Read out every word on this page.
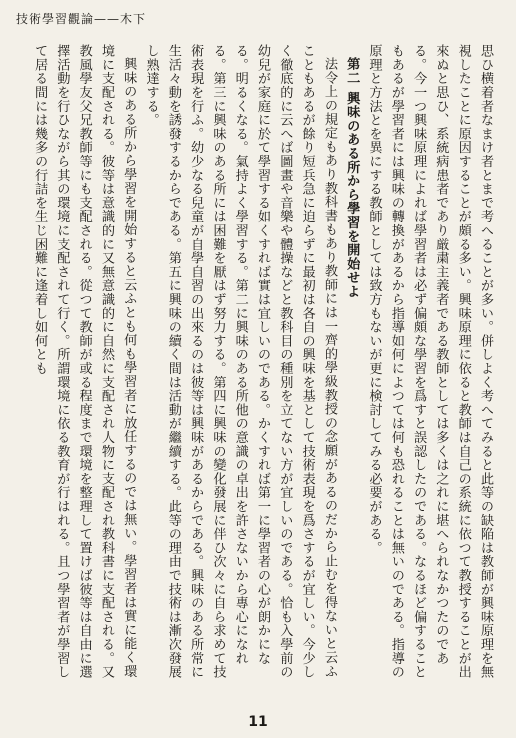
技術學習觀論——木下

思ひ横着者なまけ者とまで考へることが多い。併しよく考へてみると此等の缺陥は教師が興味原理を無視したことに原因することが頗る多い。興味原理に依ると教師は自己の系統に依つて教授することが出來ぬと思ひ、系統病患者であり厳粛主義者である教師としては多くは之れに堪へられなかつたのである。今一つ興味原理によれば學習者は必ず偏頗な學習を爲すと誤認したのである。なるほど偏することもあるが學習者には興味の轉換があるから指導如何によつては何も恐れることは無いのである。指導の原理と方法とを異にする教師としては致方もないが更に検討してみる必要がある。

第二興味のある所から學習を開始せよ

法令上の規定もあり教科書もあり教師には一齊的學級教授の念願があるのだから止むを得ないと云ふこともあるが餘り短兵急に迫らずに最初は各自の興味を基として技術表現を爲さするが宜しい。今少しく徹底的に云へば圖畫や音樂や體操などと教科目の種別を立てない方が宜しいのである。恰も入學前の幼兒が家庭に於て學習する如くすれば實は宜しいのである。かくすれば第一に學習者の心が朗かになる。明るくなる。氣持よく學習する。第二に興味のある所他の意識の卓出を許さないから專心になれる。第三に興味のある所には困難を厭はず努力する。第四に興味の變化發展に伴ひ次々に自ら求めて技術表現を行ふ。幼少なる兒童が自學自習の出來るのは彼等は興味があるからである。興味のある所常に生活々動を誘發するからである。第五に興味の續く間は活動が繼續する。此等の理由で技術は漸次發展し熟達する。

興味のある所から學習を開始すると云ふとも何も學習者に放任するのでは無い。學習者は實に能く環境に支配される。彼等は意識的に又無意識的に自然に支配され人物に支配され教科書に支配される。又教風學友父兄教師等にも支配される。從つて教師が或る程度まで環境を整理して置けば彼等は自由に選擇活動を行ひながら其の環境に支配されて行く。所謂環境に依る教育が行はれる。且つ學習者が學習して居る間には幾多の行詰を生じ困難に逢着し如何とも

11
